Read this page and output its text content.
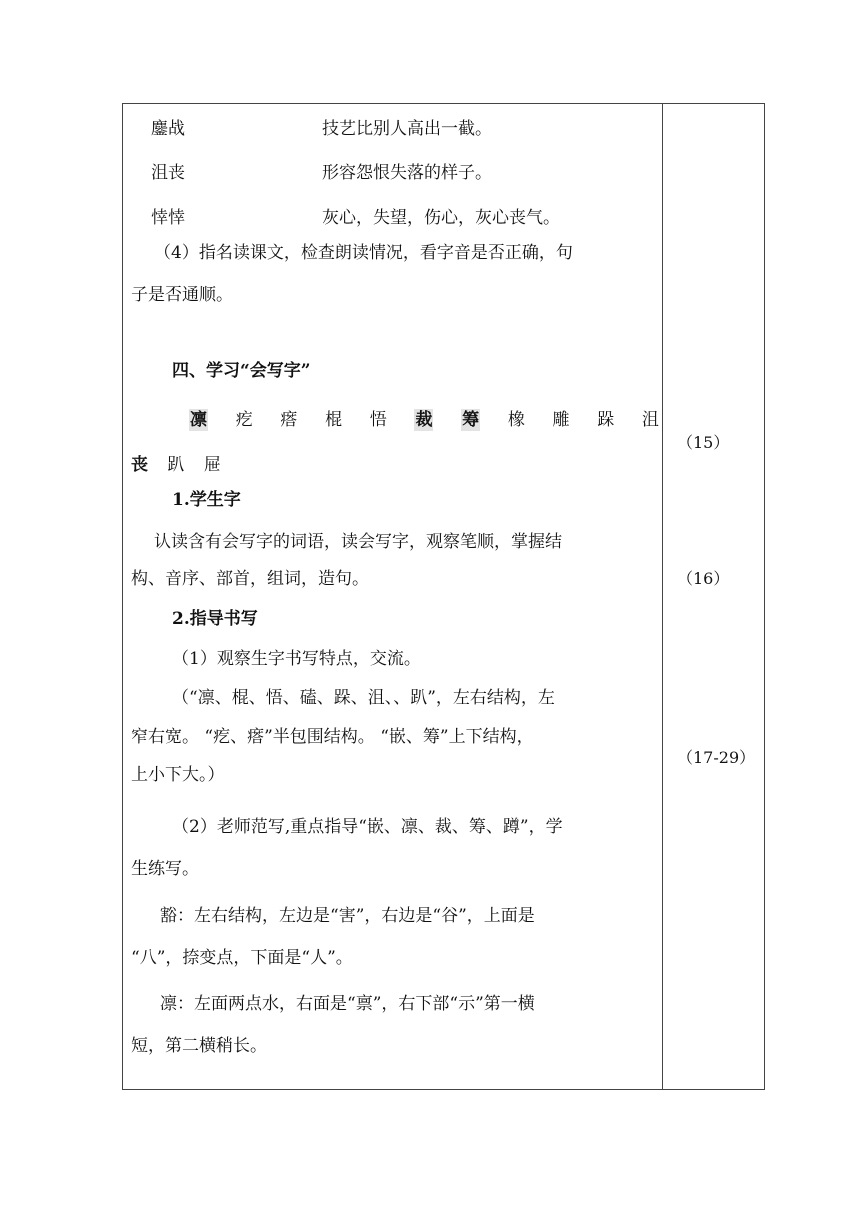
鏖战	技艺比别人高出一截。
沮丧	形容怨恨失落的样子。
悻悻	灰心，失望，伤心，灰心丧气。
（4）指名读课文，检查朗读情况，看字音是否正确，句
子是否通顺。
四、学习“会写字”
凛 疙 瘩 棍 悟 裁 筹 橡 雕 跺 沮
丧 趴 屉
1.学生字
认读含有会写字的词语，读会写字，观察笔顺，掌握结
构、音序、部首，组词，造句。
2.指导书写
（1）观察生字书写特点，交流。
（“凛、棍、悟、磕、跺、沮、、趴”，左右结构，左
窄右宽。 “疙、瘩”半包围结构。 “嵌、筹”上下结构，
上小下大。）
（2）老师范写,重点指导“嵌、凛、裁、筹、蹲”，学
生练写。
豁：左右结构，左边是“害”，右边是“谷”，上面是
“八”，捺变点，下面是“人”。
凛：左面两点水，右面是“禀”，右下部“示”第一横
短，第二横稍长。
（15）
（16）
（17-29）
